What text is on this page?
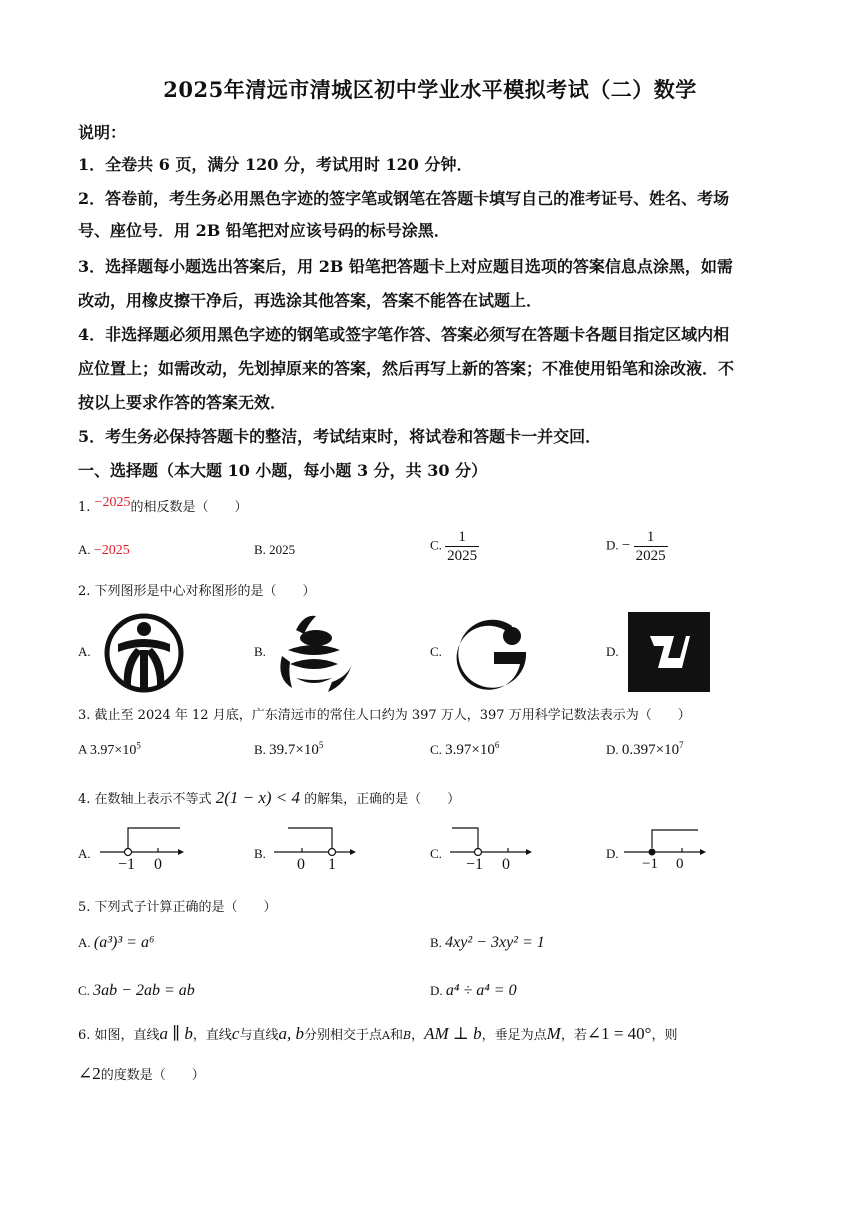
2025年清远市清城区初中学业水平模拟考试（二）数学
说明：
1．全卷共 6 页，满分 120 分，考试用时 120 分钟．
2．答卷前，考生务必用黑色字迹的签字笔或钢笔在答题卡填写自己的准考证号、姓名、考场
号、座位号．用 2B 铅笔把对应该号码的标号涂黑．
3．选择题每小题选出答案后，用 2B 铅笔把答题卡上对应题目选项的答案信息点涂黑，如需
改动，用橡皮擦干净后，再选涂其他答案，答案不能答在试题上．
4．非选择题必须用黑色字迹的钢笔或签字笔作答、答案必须写在答题卡各题目指定区域内相
应位置上；如需改动，先划掉原来的答案，然后再写上新的答案；不准使用铅笔和涂改液．不
按以上要求作答的答案无效．
5．考生务必保持答题卡的整洁，考试结束时，将试卷和答题卡一并交回．
一、选择题（本大题 10 小题，每小题 3 分，共 30 分）
1. −2025的相反数是（　　）
A. −2025	B. 2025	C. $\frac{1}{2025}$	D. − $\frac{1}{2025}$
2. 下列图形是中心对称图形的是（　　）
A.	B.	C.	D.
3. 截止至 2024 年 12 月底，广东清远市的常住人口约为 397 万人，397 万用科学记数法表示为（　　）
A $3.97\times 10^5$	B. $39.7\times 10^5$	C. $3.97\times 10^6$	D. $0.397\times 10^7$
4. 在数轴上表示不等式 2(1 − x) < 4 的解集，正确的是（　　）
A.	B.	C.	D.
−1 0	0 1	−1 0	−1 0
5. 下列式子计算正确的是（　　）
A. (a³)³ = a⁶	B. 4xy² − 3xy² = 1
C. 3ab − 2ab = ab	D. a⁴ ÷ a⁴ = 0
6. 如图，直线a ∥ b，直线c与直线a, b分别相交于点A和B，AM ⊥ b，垂足为点M，若∠1 = 40°，则
∠2的度数是（　　）
